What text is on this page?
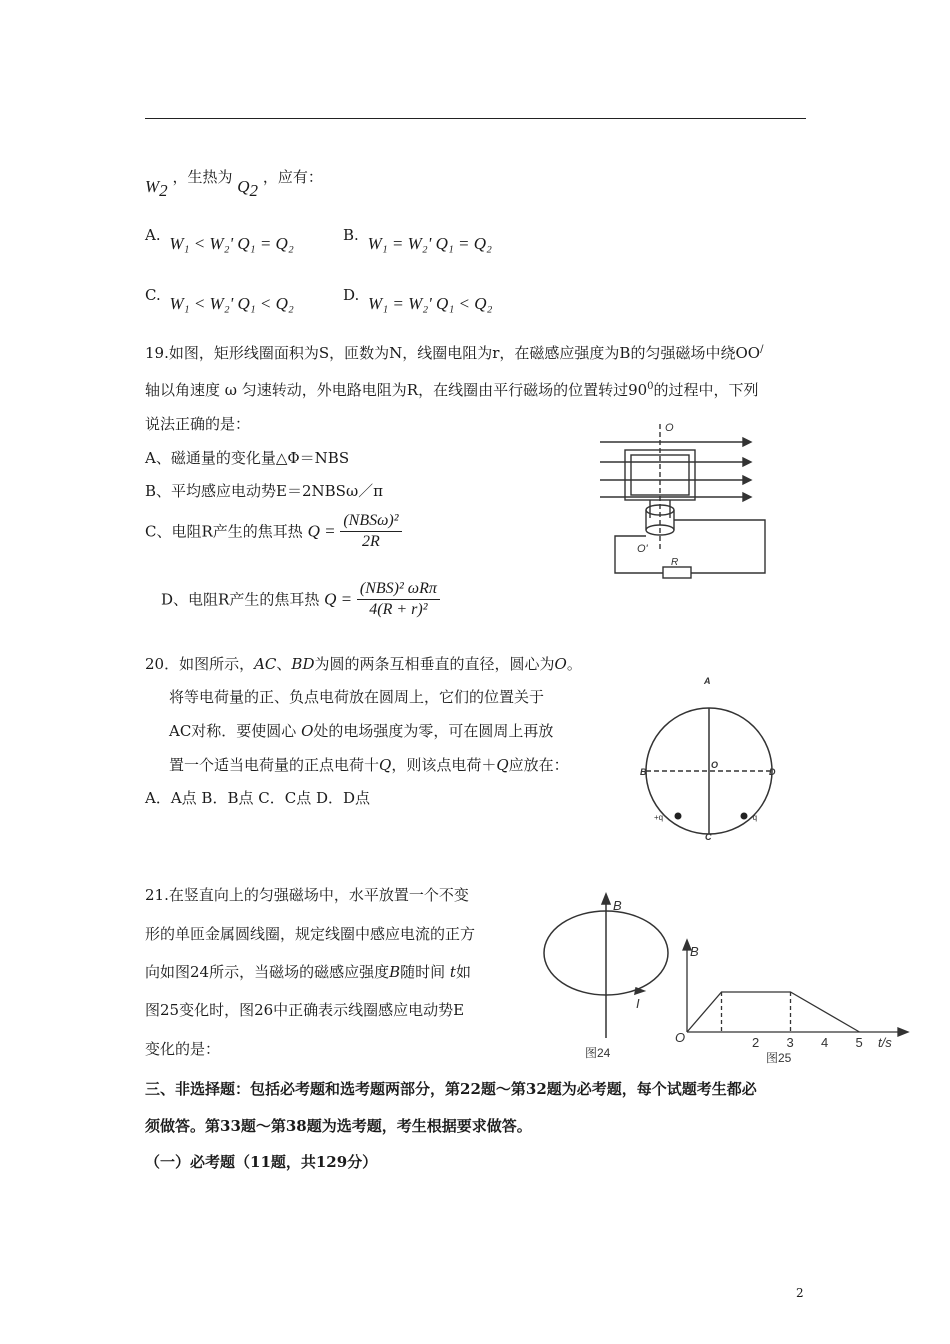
$W_2$ ，生热为 $Q_2$ ，应有：
A. W₁ < W₂' Q₁ = Q₂	B. W₁ = W₂' Q₁ = Q₂
C. W₁ < W₂' Q₁ < Q₂	D. W₁ = W₂' Q₁ < Q₂
19.如图，矩形线圈面积为S，匝数为N，线圈电阻为r，在磁感应强度为B的匀强磁场中绕OO/
轴以角速度 ω 匀速转动，外电路电阻为R，在线圈由平行磁场的位置转过$90^0$的过程中，下列
说法正确的是：
A、磁通量的变化量△Φ＝NBS
B、平均感应电动势E＝2NBSω／π
C、电阻R产生的焦耳热 $Q = \frac{\text{(NBSω)²}}{2R}$
D、电阻R产生的焦耳热 $Q = \frac{\text{(NBS)² ωRπ}}{\text{4(R + r)²}}$
O
O'
R
20．如图所示，AC、BD为圆的两条互相垂直的直径，圆心为O。
将等电荷量的正、负点电荷放在圆周上，它们的位置关于
AC对称．要使圆心 O处的电场强度为零，可在圆周上再放
置一个适当电荷量的正点电荷十Q，则该点电荷＋Q应放在：
A．A点 B．B点 C．C点 D．D点
A
B
C
D
O
+q	-q
21.在竖直向上的匀强磁场中，水平放置一个不变
形的单匝金属圆线圈，规定线圈中感应电流的正方
向如图24所示，当磁场的磁感应强度B随时间 t如
图25变化时，图26中正确表示线圈感应电动势E
变化的是：
B
I
图24
2 3 4 5
B
O	t/s
图25
三、非选择题：包括必考题和选考题两部分，第22题～第32题为必考题，每个试题考生都必
须做答。第33题～第38题为选考题，考生根据要求做答。
（一）必考题（11题，共129分）
2
